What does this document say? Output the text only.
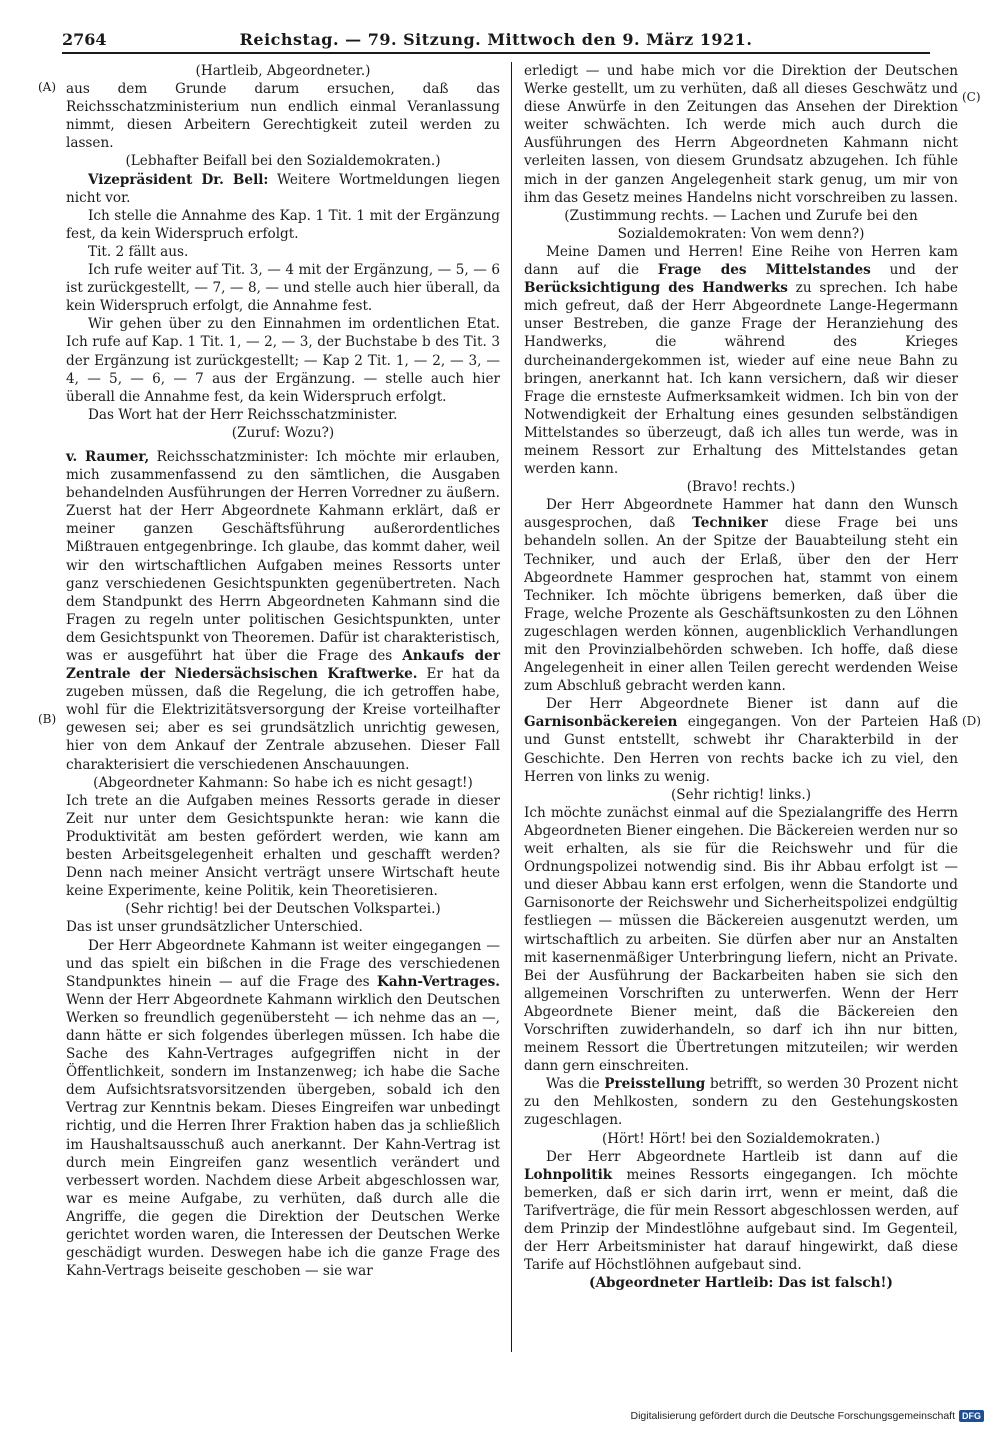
2764	Reichstag. — 79. Sitzung. Mittwoch den 9. März 1921.
(A)
(B)
(C)
(D)

(Hartleib, Abgeordneter.)

aus dem Grunde darum ersuchen, daß das Reichsschatzministerium nun endlich einmal Veranlassung nimmt, diesen Arbeitern Gerechtigkeit zuteil werden zu lassen.

(Lebhafter Beifall bei den Sozialdemokraten.)

Vizepräsident Dr. Bell: Weitere Wortmeldungen liegen nicht vor.

Ich stelle die Annahme des Kap. 1 Tit. 1 mit der Ergänzung fest, da kein Widerspruch erfolgt.

Tit. 2 fällt aus.

Ich rufe weiter auf Tit. 3, — 4 mit der Ergänzung, — 5, — 6 ist zurückgestellt, — 7, — 8, — und stelle auch hier überall, da kein Widerspruch erfolgt, die Annahme fest.

Wir gehen über zu den Einnahmen im ordentlichen Etat. Ich rufe auf Kap. 1 Tit. 1, — 2, — 3, der Buchstabe b des Tit. 3 der Ergänzung ist zurückgestellt; — Kap 2 Tit. 1, — 2, — 3, — 4, — 5, — 6, — 7 aus der Ergänzung. — stelle auch hier überall die Annahme fest, da kein Widerspruch erfolgt.

Das Wort hat der Herr Reichsschatzminister.

(Zuruf: Wozu?)

v. Raumer, Reichsschatzminister: Ich möchte mir erlauben, mich zusammenfassend zu den sämtlichen, die Ausgaben behandelnden Ausführungen der Herren Vorredner zu äußern. Zuerst hat der Herr Abgeordnete Kahmann erklärt, daß er meiner ganzen Geschäftsführung außerordentliches Mißtrauen entgegenbringe. Ich glaube, das kommt daher, weil wir den wirtschaftlichen Aufgaben meines Ressorts unter ganz verschiedenen Gesichtspunkten gegenübertreten. Nach dem Standpunkt des Herrn Abgeordneten Kahmann sind die Fragen zu regeln unter politischen Gesichtspunkten, unter dem Gesichtspunkt von Theoremen. Dafür ist charakteristisch, was er ausgeführt hat über die Frage des Ankaufs der Zentrale der Niedersächsischen Kraftwerke. Er hat da zugeben müssen, daß die Regelung, die ich getroffen habe, wohl für die Elektrizitätsversorgung der Kreise vorteilhafter gewesen sei; aber es sei grundsätzlich unrichtig gewesen, hier von dem Ankauf der Zentrale abzusehen. Dieser Fall charakterisiert die verschiedenen Anschauungen.

(Abgeordneter Kahmann: So habe ich es nicht gesagt!)

Ich trete an die Aufgaben meines Ressorts gerade in dieser Zeit nur unter dem Gesichtspunkte heran: wie kann die Produktivität am besten gefördert werden, wie kann am besten Arbeitsgelegenheit erhalten und geschafft werden? Denn nach meiner Ansicht verträgt unsere Wirtschaft heute keine Experimente, keine Politik, kein Theoretisieren.

(Sehr richtig! bei der Deutschen Volkspartei.)

Das ist unser grundsätzlicher Unterschied.

Der Herr Abgeordnete Kahmann ist weiter eingegangen — und das spielt ein bißchen in die Frage des verschiedenen Standpunktes hinein — auf die Frage des Kahn-Vertrages. Wenn der Herr Abgeordnete Kahmann wirklich den Deutschen Werken so freundlich gegenübersteht — ich nehme das an —, dann hätte er sich folgendes überlegen müssen. Ich habe die Sache des Kahn-Vertrages aufgegriffen nicht in der Öffentlichkeit, sondern im Instanzenweg; ich habe die Sache dem Aufsichtsratsvorsitzenden übergeben, sobald ich den Vertrag zur Kenntnis bekam. Dieses Eingreifen war unbedingt richtig, und die Herren Ihrer Fraktion haben das ja schließlich im Haushaltsausschuß auch anerkannt. Der Kahn-Vertrag ist durch mein Eingreifen ganz wesentlich verändert und verbessert worden. Nachdem diese Arbeit abgeschlossen war, war es meine Aufgabe, zu verhüten, daß durch alle die Angriffe, die gegen die Direktion der Deutschen Werke gerichtet worden waren, die Interessen der Deutschen Werke geschädigt wurden. Deswegen habe ich die ganze Frage des Kahn-Vertrags beiseite geschoben — sie war

erledigt — und habe mich vor die Direktion der Deutschen Werke gestellt, um zu verhüten, daß all dieses Geschwätz und diese Anwürfe in den Zeitungen das Ansehen der Direktion weiter schwächten. Ich werde mich auch durch die Ausführungen des Herrn Abgeordneten Kahmann nicht verleiten lassen, von diesem Grundsatz abzugehen. Ich fühle mich in der ganzen Angelegenheit stark genug, um mir von ihm das Gesetz meines Handelns nicht vorschreiben zu lassen.

(Zustimmung rechts. — Lachen und Zurufe bei den Sozialdemokraten: Von wem denn?)

Meine Damen und Herren! Eine Reihe von Herren kam dann auf die Frage des Mittelstandes und der Berücksichtigung des Handwerks zu sprechen. Ich habe mich gefreut, daß der Herr Abgeordnete Lange-Hegermann unser Bestreben, die ganze Frage der Heranziehung des Handwerks, die während des Krieges durcheinandergekommen ist, wieder auf eine neue Bahn zu bringen, anerkannt hat. Ich kann versichern, daß wir dieser Frage die ernsteste Aufmerksamkeit widmen. Ich bin von der Notwendigkeit der Erhaltung eines gesunden selbständigen Mittelstandes so überzeugt, daß ich alles tun werde, was in meinem Ressort zur Erhaltung des Mittelstandes getan werden kann.

(Bravo! rechts.)

Der Herr Abgeordnete Hammer hat dann den Wunsch ausgesprochen, daß Techniker diese Frage bei uns behandeln sollen. An der Spitze der Bauabteilung steht ein Techniker, und auch der Erlaß, über den der Herr Abgeordnete Hammer gesprochen hat, stammt von einem Techniker. Ich möchte übrigens bemerken, daß über die Frage, welche Prozente als Geschäftsunkosten zu den Löhnen zugeschlagen werden können, augenblicklich Verhandlungen mit den Provinzialbehörden schweben. Ich hoffe, daß diese Angelegenheit in einer allen Teilen gerecht werdenden Weise zum Abschluß gebracht werden kann.

Der Herr Abgeordnete Biener ist dann auf die Garnisonbäckereien eingegangen. Von der Parteien Haß und Gunst entstellt, schwebt ihr Charakterbild in der Geschichte. Den Herren von rechts backe ich zu viel, den Herren von links zu wenig.

(Sehr richtig! links.)

Ich möchte zunächst einmal auf die Spezialangriffe des Herrn Abgeordneten Biener eingehen. Die Bäckereien werden nur so weit erhalten, als sie für die Reichswehr und für die Ordnungspolizei notwendig sind. Bis ihr Abbau erfolgt ist — und dieser Abbau kann erst erfolgen, wenn die Standorte und Garnisonorte der Reichswehr und Sicherheitspolizei endgültig festliegen — müssen die Bäckereien ausgenutzt werden, um wirtschaftlich zu arbeiten. Sie dürfen aber nur an Anstalten mit kasernenmäßiger Unterbringung liefern, nicht an Private. Bei der Ausführung der Backarbeiten haben sie sich den allgemeinen Vorschriften zu unterwerfen. Wenn der Herr Abgeordnete Biener meint, daß die Bäckereien den Vorschriften zuwiderhandeln, so darf ich ihn nur bitten, meinem Ressort die Übertretungen mitzuteilen; wir werden dann gern einschreiten.

Was die Preisstellung betrifft, so werden 30 Prozent nicht zu den Mehlkosten, sondern zu den Gestehungskosten zugeschlagen.

(Hört! Hört! bei den Sozialdemokraten.)

Der Herr Abgeordnete Hartleib ist dann auf die Lohnpolitik meines Ressorts eingegangen. Ich möchte bemerken, daß er sich darin irrt, wenn er meint, daß die Tarifverträge, die für mein Ressort abgeschlossen werden, auf dem Prinzip der Mindestlöhne aufgebaut sind. Im Gegenteil, der Herr Arbeitsminister hat darauf hingewirkt, daß diese Tarife auf Höchstlöhnen aufgebaut sind.

(Abgeordneter Hartleib: Das ist falsch!)

Digitalisierung gefördert durch die Deutsche Forschungsgemeinschaft DFG
